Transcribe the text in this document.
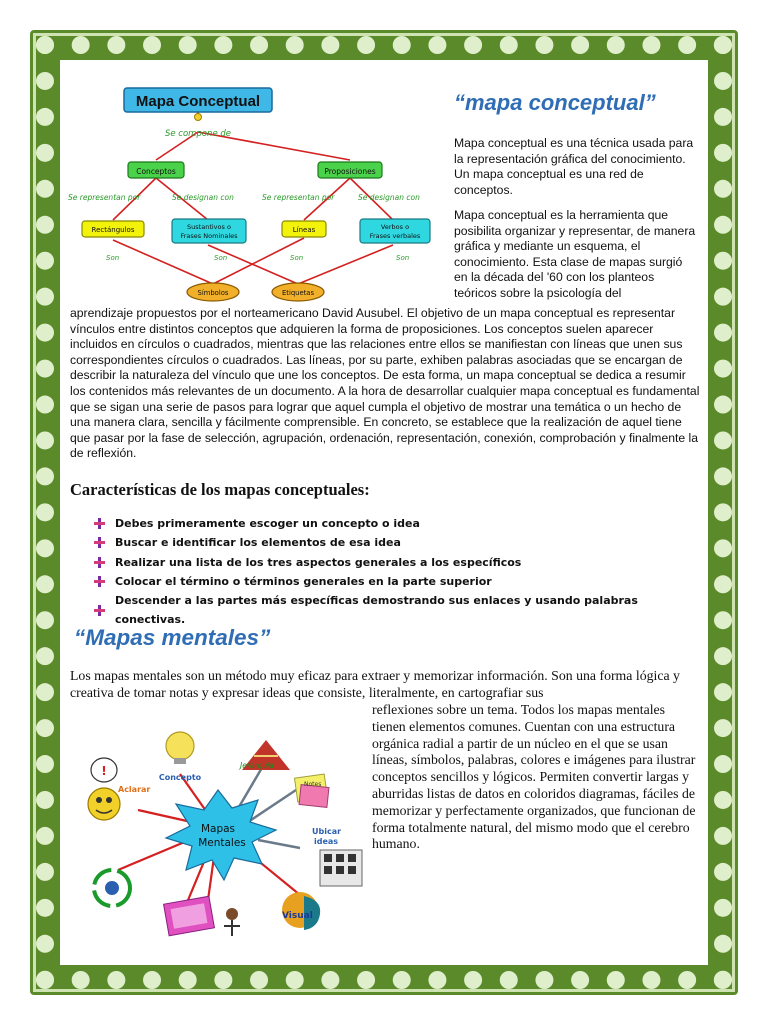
Mapa Conceptual
Se compone de
Conceptos	Proposiciones
Se representan por	Se designan con	Se representan por	Se designan con
Rectángulos	Sustantivos o
Frases Nominales
Líneas	Verbos o
Frases verbales
Son	Son	Son	Son
Símbolos	Etiquetas
“mapa conceptual”

Mapa conceptual es una técnica usada para la representación gráfica del conocimiento. Un mapa conceptual es una red de conceptos.

Mapa conceptual es la herramienta que posibilita organizar y representar, de manera gráfica y mediante un esquema, el conocimiento. Esta clase de mapas surgió en la década del '60 con los planteos teóricos sobre la psicología del

aprendizaje propuestos por el norteamericano David Ausubel. El objetivo de un mapa conceptual es representar vínculos entre distintos conceptos que adquieren la forma de proposiciones. Los conceptos suelen aparecer incluidos en círculos o cuadrados, mientras que las relaciones entre ellos se manifiestan con líneas que unen sus correspondientes círculos o cuadrados. Las líneas, por su parte, exhiben palabras asociadas que se encargan de describir la naturaleza del vínculo que une los conceptos. De esta forma, un mapa conceptual se dedica a resumir los contenidos más relevantes de un documento. A la hora de desarrollar cualquier mapa conceptual es fundamental que se sigan una serie de pasos para lograr que aquel cumpla el objetivo de mostrar una temática o un hecho de una manera clara, sencilla y fácilmente comprensible. En concreto, se establece que la realización de aquel tiene que pasar por la fase de selección, agrupación, ordenación, representación, conexión, comprobación y finalmente la de reflexión.

Características de los mapas conceptuales:
Debes primeramente escoger un concepto o idea
Buscar e identificar los elementos de esa idea
Realizar una lista de los tres aspectos generales a los específicos
Colocar el término o términos generales en la parte superior
Descender a las partes más específicas demostrando sus enlaces y usando palabras conectivas.
“Mapas mentales”

Los mapas mentales son un método muy eficaz para extraer y memorizar información. Son una forma lógica y creativa de tomar notas y expresar ideas que consiste, literalmente, en cartografiar sus

reflexiones sobre un tema. Todos los mapas mentales tienen elementos comunes. Cuentan con una estructura orgánica radial a partir de un núcleo en el que se usan líneas, símbolos, palabras, colores e imágenes para ilustrar conceptos sencillos y lógicos. Permiten convertir largas y aburridas listas de datos en coloridos diagramas, fáciles de memorizar y perfectamente organizados, que funcionan de forma totalmente natural, del mismo modo que el cerebro humano.

Concepto
Jerarquía
!
Aclarar
Notes
Mapas
Mentales
Ubicar
ideas
Visual
